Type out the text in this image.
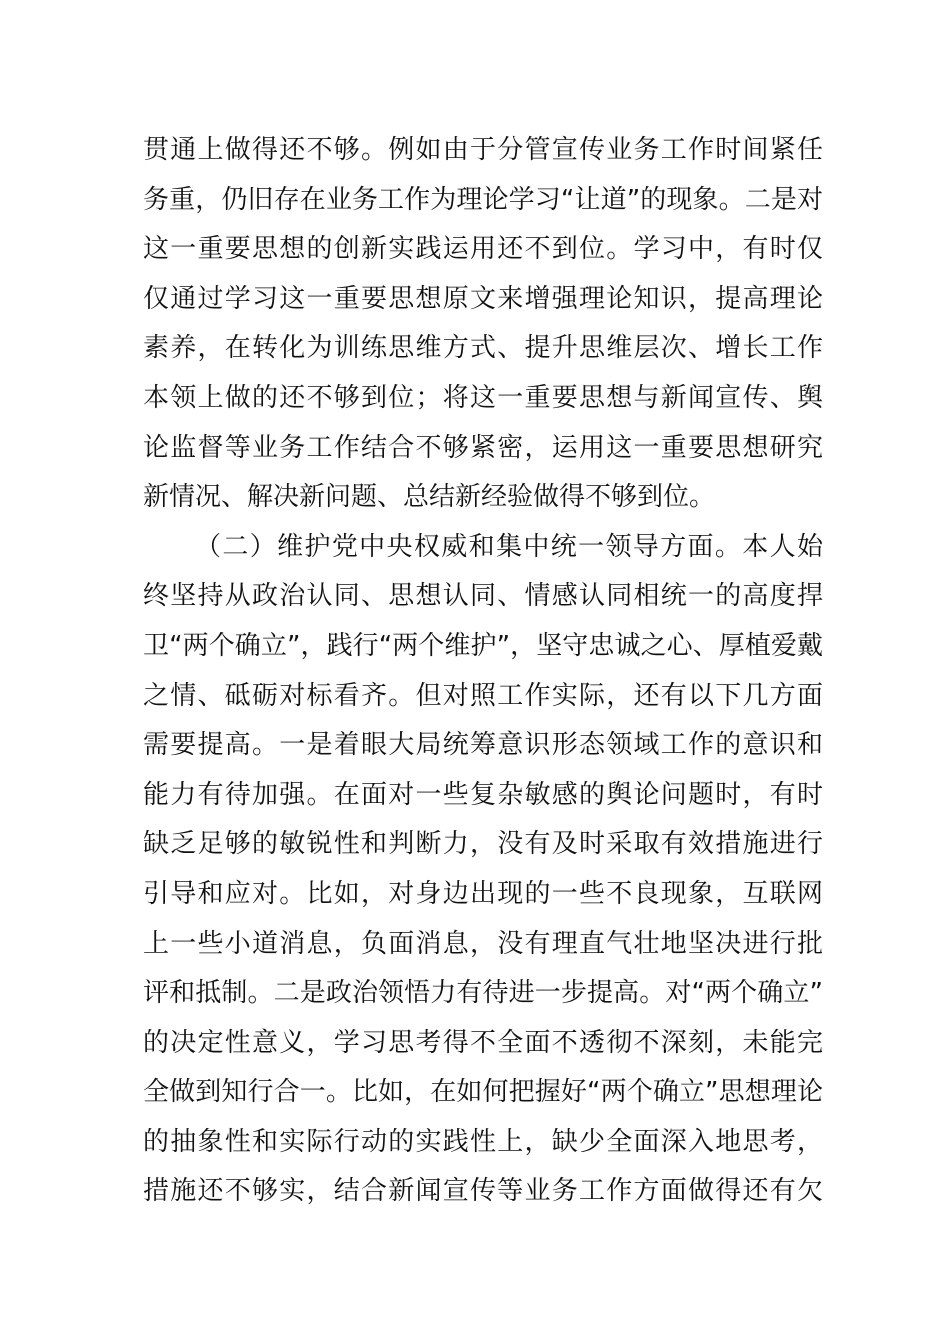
贯通上做得还不够。例如由于分管宣传业务工作时间紧任
务重，仍旧存在业务工作为理论学习“让道”的现象。二是对
这一重要思想的创新实践运用还不到位。学习中，有时仅
仅通过学习这一重要思想原文来增强理论知识，提高理论
素养，在转化为训练思维方式、提升思维层次、增长工作
本领上做的还不够到位；将这一重要思想与新闻宣传、舆
论监督等业务工作结合不够紧密，运用这一重要思想研究
新情况、解决新问题、总结新经验做得不够到位。
（二）维护党中央权威和集中统一领导方面。本人始
终坚持从政治认同、思想认同、情感认同相统一的高度捍
卫“两个确立”，践行“两个维护”，坚守忠诚之心、厚植爱戴
之情、砥砺对标看齐。但对照工作实际，还有以下几方面
需要提高。一是着眼大局统筹意识形态领域工作的意识和
能力有待加强。在面对一些复杂敏感的舆论问题时，有时
缺乏足够的敏锐性和判断力，没有及时采取有效措施进行
引导和应对。比如，对身边出现的一些不良现象，互联网
上一些小道消息，负面消息，没有理直气壮地坚决进行批
评和抵制。二是政治领悟力有待进一步提高。对“两个确立”
的决定性意义，学习思考得不全面不透彻不深刻，未能完
全做到知行合一。比如，在如何把握好“两个确立”思想理论
的抽象性和实际行动的实践性上，缺少全面深入地思考，
措施还不够实，结合新闻宣传等业务工作方面做得还有欠
